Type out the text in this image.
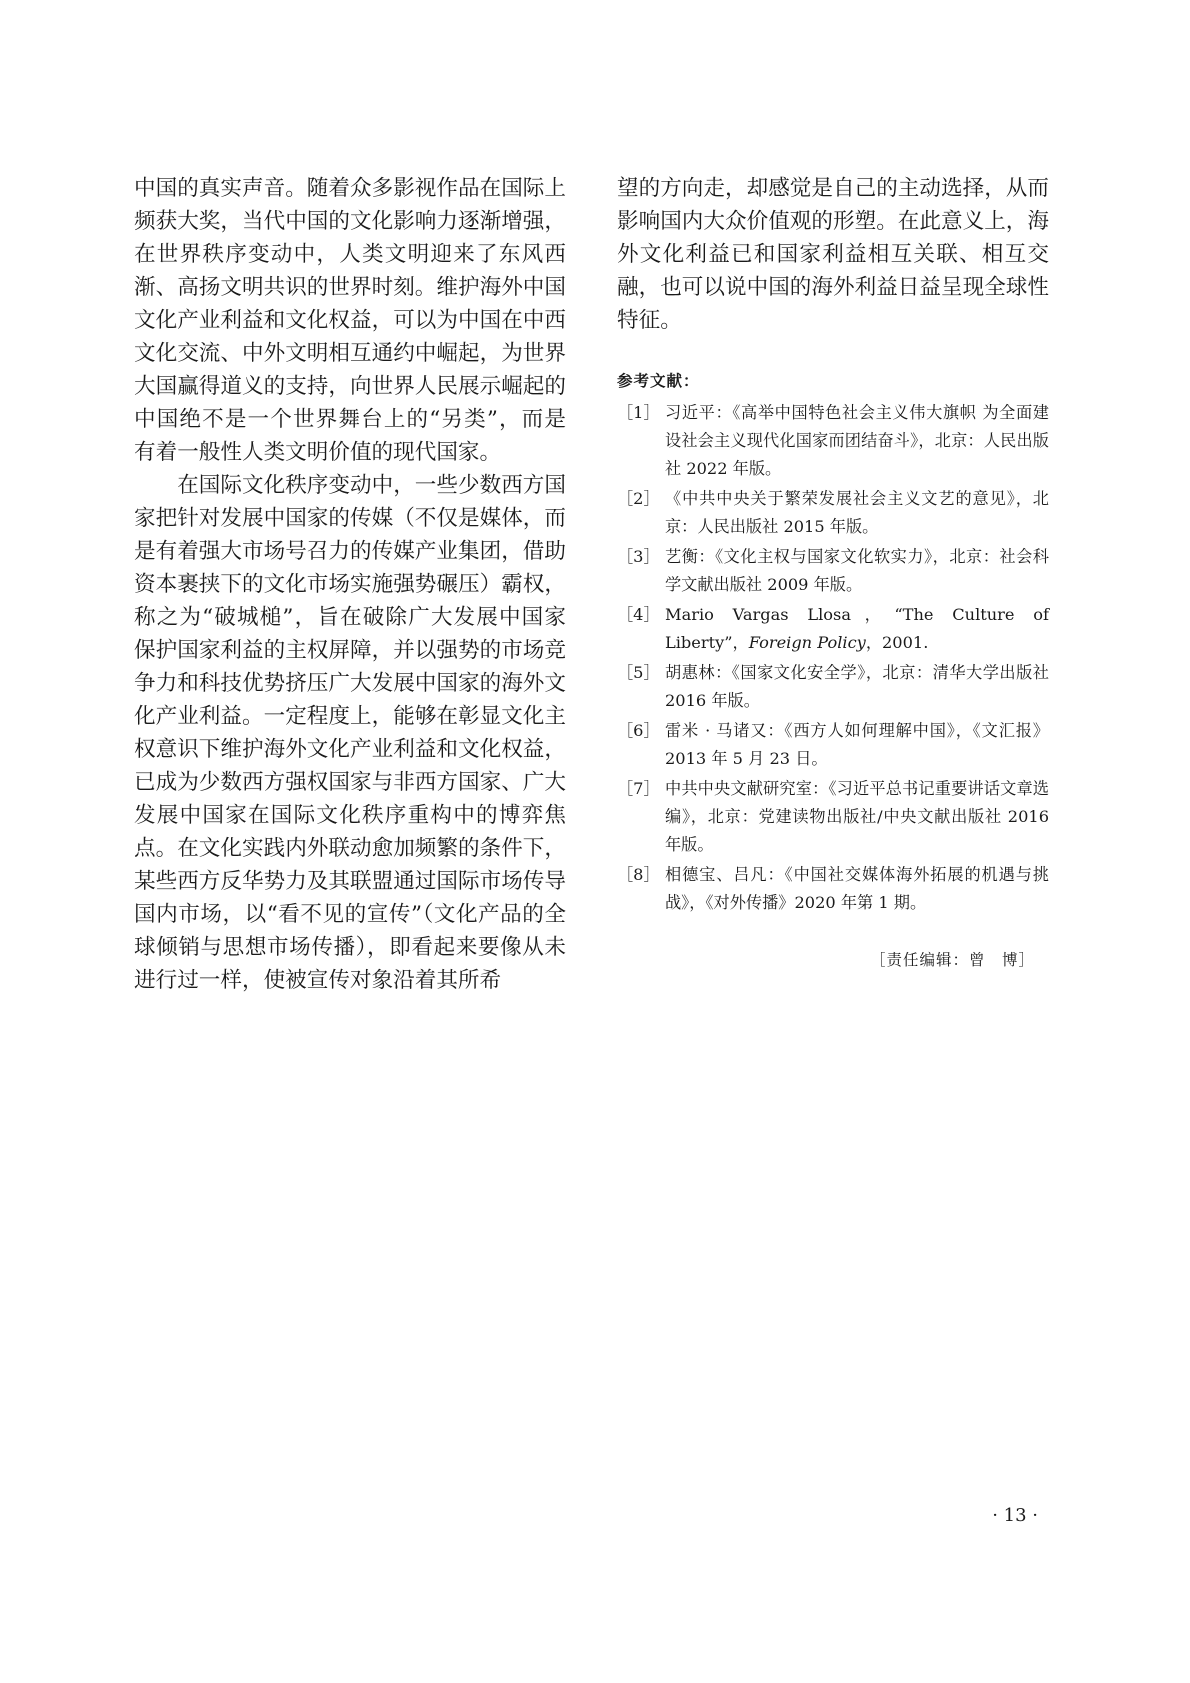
中国的真实声音。随着众多影视作品在国际上频获大奖，当代中国的文化影响力逐渐增强，在世界秩序变动中，人类文明迎来了东风西渐、高扬文明共识的世界时刻。维护海外中国文化产业利益和文化权益，可以为中国在中西文化交流、中外文明相互通约中崛起，为世界大国赢得道义的支持，向世界人民展示崛起的中国绝不是一个世界舞台上的“另类”，而是有着一般性人类文明价值的现代国家。

在国际文化秩序变动中，一些少数西方国家把针对发展中国家的传媒（不仅是媒体，而是有着强大市场号召力的传媒产业集团，借助资本裹挟下的文化市场实施强势碾压）霸权，称之为“破城槌”，旨在破除广大发展中国家保护国家利益的主权屏障，并以强势的市场竞争力和科技优势挤压广大发展中国家的海外文化产业利益。一定程度上，能够在彰显文化主权意识下维护海外文化产业利益和文化权益，已成为少数西方强权国家与非西方国家、广大发展中国家在国际文化秩序重构中的博弈焦点。在文化实践内外联动愈加频繁的条件下，某些西方反华势力及其联盟通过国际市场传导国内市场，以“看不见的宣传”（文化产品的全球倾销与思想市场传播），即看起来要像从未进行过一样，使被宣传对象沿着其所希

望的方向走，却感觉是自己的主动选择，从而影响国内大众价值观的形塑。在此意义上，海外文化利益已和国家利益相互关联、相互交融，也可以说中国的海外利益日益呈现全球性特征。

参考文献：
［1］ 习近平：《高举中国特色社会主义伟大旗帜 为全面建设社会主义现代化国家而团结奋斗》，北京：人民出版社 2022 年版。
［2］ 《中共中央关于繁荣发展社会主义文艺的意见》，北京：人民出版社 2015 年版。
［3］ 艺衡：《文化主权与国家文化软实力》，北京：社会科学文献出版社 2009 年版。
［4］ Mario Vargas Llosa，“The Culture of Liberty”，Foreign Policy，2001.
［5］ 胡惠林：《国家文化安全学》，北京：清华大学出版社 2016 年版。
［6］ 雷米 · 马诸又：《西方人如何理解中国》，《文汇报》2013 年 5 月 23 日。
［7］ 中共中央文献研究室：《习近平总书记重要讲话文章选编》，北京：党建读物出版社/中央文献出版社 2016 年版。
［8］ 相德宝、吕凡：《中国社交媒体海外拓展的机遇与挑战》，《对外传播》2020 年第 1 期。
［责任编辑：曾　博］
· 13 ·
